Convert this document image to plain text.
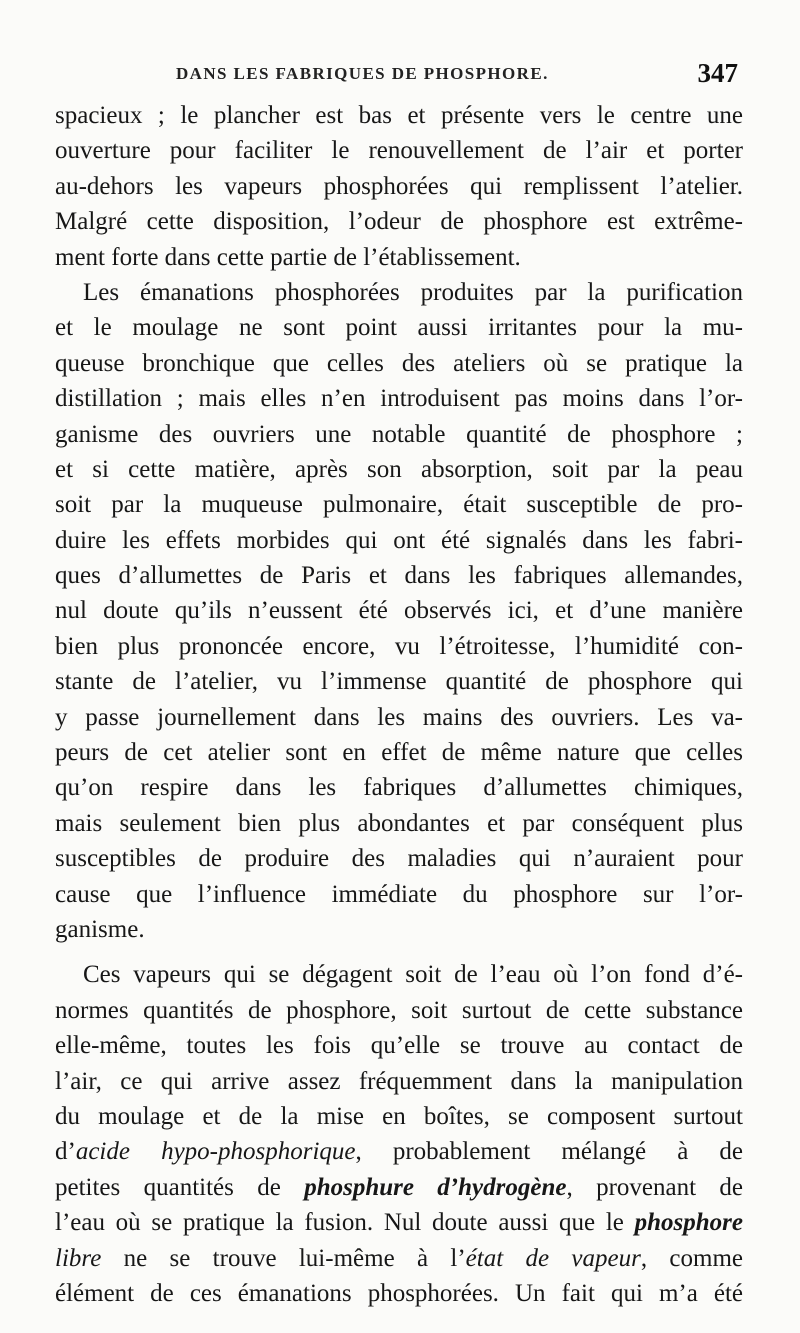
DANS LES FABRIQUES DE PHOSPHORE.	347
spacieux ; le plancher est bas et présente vers le centre une
ouverture pour faciliter le renouvellement de l’air et porter
au-dehors les vapeurs phosphorées qui remplissent l’atelier.
Malgré cette disposition, l’odeur de phosphore est extrême-
ment forte dans cette partie de l’établissement.
Les émanations phosphorées produites par la purification
et le moulage ne sont point aussi irritantes pour la mu-
queuse bronchique que celles des ateliers où se pratique la
distillation ; mais elles n’en introduisent pas moins dans l’or-
ganisme des ouvriers une notable quantité de phosphore ;
et si cette matière, après son absorption, soit par la peau
soit par la muqueuse pulmonaire, était susceptible de pro-
duire les effets morbides qui ont été signalés dans les fabri-
ques d’allumettes de Paris et dans les fabriques allemandes,
nul doute qu’ils n’eussent été observés ici, et d’une manière
bien plus prononcée encore, vu l’étroitesse, l’humidité con-
stante de l’atelier, vu l’immense quantité de phosphore qui
y passe journellement dans les mains des ouvriers. Les va-
peurs de cet atelier sont en effet de même nature que celles
qu’on respire dans les fabriques d’allumettes chimiques,
mais seulement bien plus abondantes et par conséquent plus
susceptibles de produire des maladies qui n’auraient pour
cause que l’influence immédiate du phosphore sur l’or-
ganisme.
Ces vapeurs qui se dégagent soit de l’eau où l’on fond d’é-
normes quantités de phosphore, soit surtout de cette substance
elle-même, toutes les fois qu’elle se trouve au contact de
l’air, ce qui arrive assez fréquemment dans la manipulation
du moulage et de la mise en boîtes, se composent surtout
d’acide hypo-phosphorique, probablement mélangé à de
petites quantités de phosphure d’hydrogène, provenant de
l’eau où se pratique la fusion. Nul doute aussi que le phosphore
libre ne se trouve lui-même à l’état de vapeur, comme
élément de ces émanations phosphorées. Un fait qui m’a été
